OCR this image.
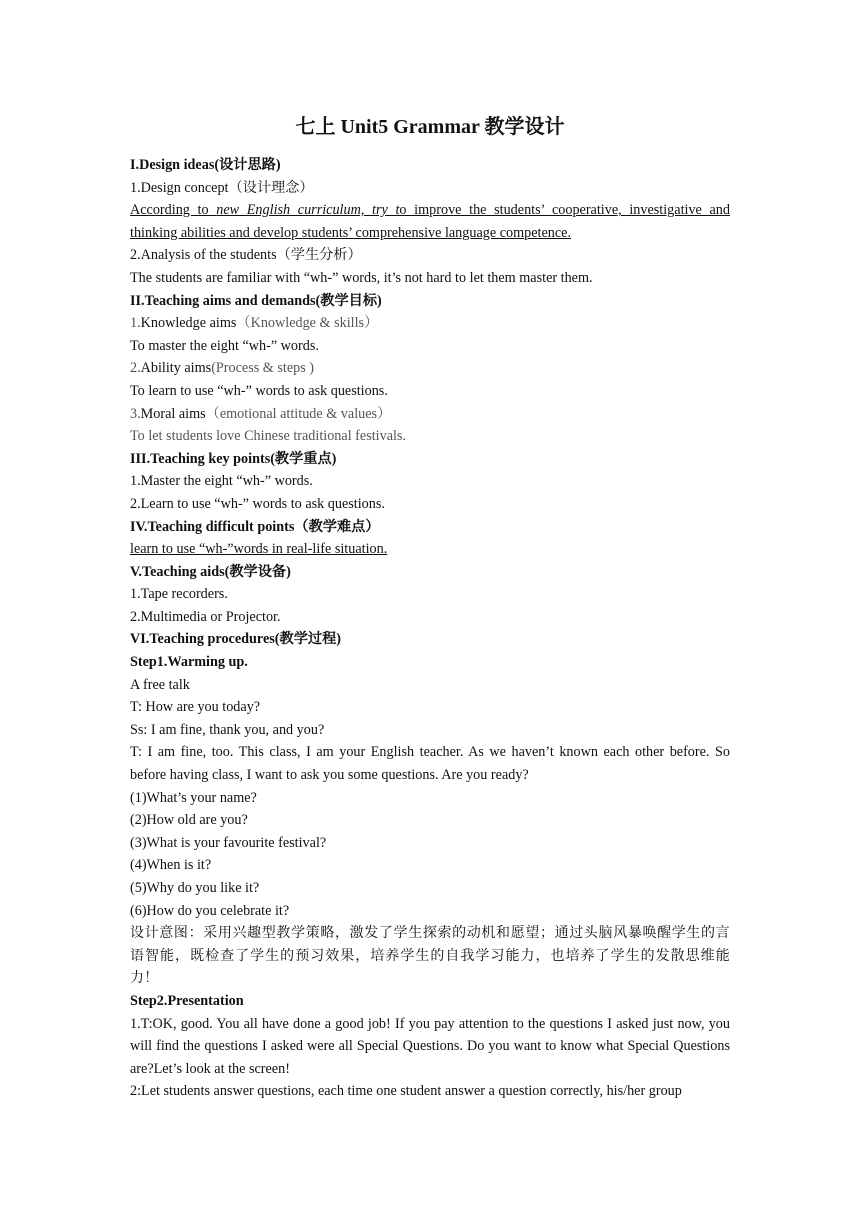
七上 Unit5 Grammar 教学设计
I.Design ideas(设计思路)
1.Design concept（设计理念）
According to new English curriculum, try to improve the students’ cooperative, investigative and thinking abilities and develop students’ comprehensive language competence.
2.Analysis of the students（学生分析）
The students are familiar with “wh-” words, it’s not hard to let them master them.
II.Teaching aims and demands(教学目标)
1.Knowledge aims（Knowledge & skills）
To master the eight “wh-” words.
2.Ability aims(Process & steps )
To learn to use “wh-” words to ask questions.
3.Moral aims（emotional attitude & values）
To let students love Chinese traditional festivals.
III.Teaching key points(教学重点)
1.Master the eight “wh-” words.
2.Learn to use “wh-” words to ask questions.
IV.Teaching difficult points（教学难点）
learn to use “wh-”words in real-life situation.
V.Teaching aids(教学设备)
1.Tape recorders.
2.Multimedia or Projector.
VI.Teaching procedures(教学过程)
Step1.Warming up.
A free talk
T: How are you today?
Ss: I am fine, thank you, and you?
T: I am fine, too. This class, I am your English teacher. As we haven’t known each other before. So before having class, I want to ask you some questions. Are you ready?
(1)What’s your name?
(2)How old are you?
(3)What is your favourite festival?
(4)When is it?
(5)Why do you like it?
(6)How do you celebrate it?
设计意图：采用兴趣型教学策略，激发了学生探索的动机和愿望；通过头脑风暴唤醒学生的言语智能，既检查了学生的预习效果，培养学生的自我学习能力，也培养了学生的发散思维能力！
Step2.Presentation
1.T:OK, good. You all have done a good job! If you pay attention to the questions I asked just now, you will find the questions I asked were all Special Questions. Do you want to know what Special Questions are?Let’s look at the screen!
2:Let students answer questions, each time one student answer a question correctly, his/her group
